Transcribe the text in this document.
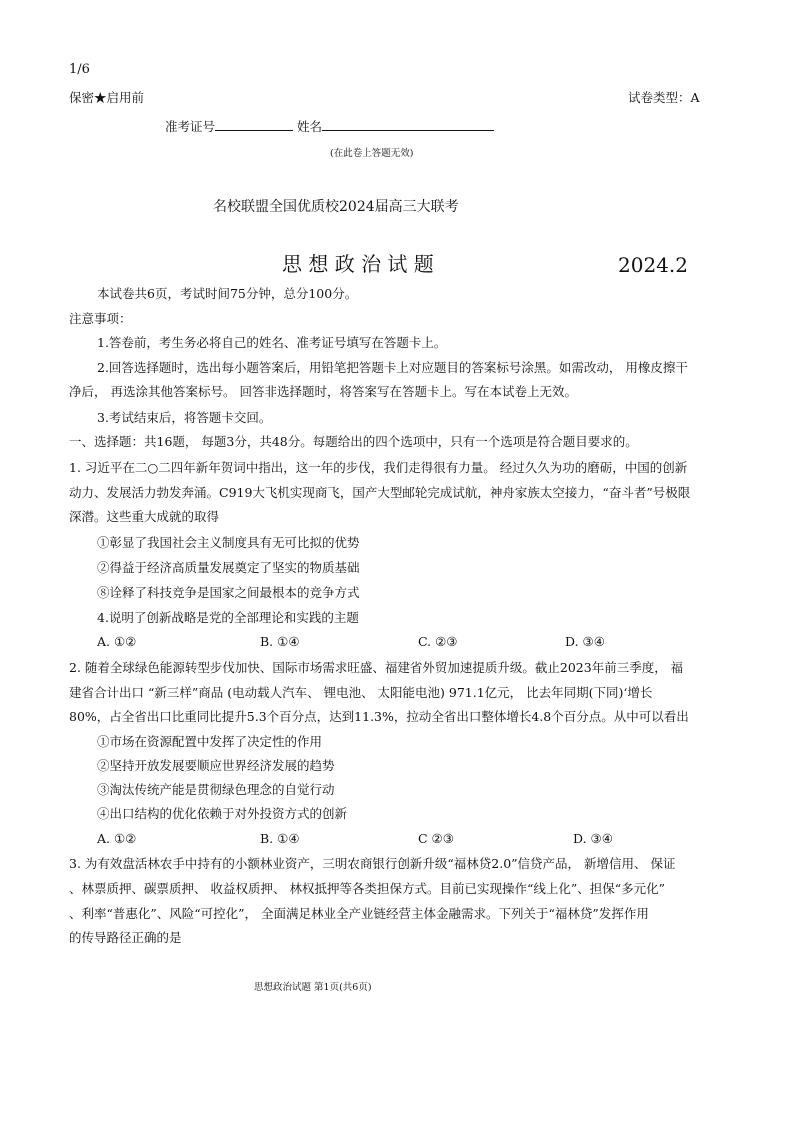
1/6
保密★启用前	试卷类型：A
准考证号	姓名
(在此卷上答题无效)
名校联盟全国优质校2024届高三大联考
思 想 政 治 试 题	2024.2
本试卷共6页，考试时间75分钟，总分100分。
注意事项：
1.答卷前，考生务必将自己的姓名、准考证号填写在答题卡上。
2.回答选择题时，选出每小题答案后，用铅笔把答题卡上对应题目的答案标号涂黑。如需改动， 用橡皮擦干
净后， 再选涂其他答案标号。 回答非选择题时，将答案写在答题卡上。写在本试卷上无效。
3.考试结束后，将答题卡交回。
一、选择题：共16题， 每题3分，共48分。每题给出的四个选项中，只有一个选项是符合题目要求的。
1. 习近平在二○二四年新年贺词中指出，这一年的步伐，我们走得很有力量。 经过久久为功的磨砺，中国的创新
动力、发展活力勃发奔涌。C919大飞机实现商飞，国产大型邮轮完成试航，神舟家族太空接力，“奋斗者”号极限
深潜。这些重大成就的取得
①彰显了我国社会主义制度具有无可比拟的优势
②得益于经济高质量发展奠定了坚实的物质基础
⑧诠释了科技竞争是国家之间最根本的竞争方式
4.说明了创新战略是党的全部理论和实践的主题
A. ①②	B. ①④	C. ②③	D. ③④
2. 随着全球绿色能源转型步伐加快、国际市场需求旺盛、福建省外贸加速提质升级。截止2023年前三季度， 福
建省合计出口 “新三样”商品 (电动载人汽车、 锂电池、 太阳能电池) 971.1亿元， 比去年同期(下同)‘增长
80%，占全省出口比重同比提升5.3个百分点，达到11.3%，拉动全省出口整体增长4.8个百分点。从中可以看出
①市场在资源配置中发挥了决定性的作用
②坚持开放发展要顺应世界经济发展的趋势
③淘汰传统产能是贯彻绿色理念的自觉行动
④出口结构的优化依赖于对外投资方式的创新
A. ①②	B. ①④	C ②③	D. ③④
3. 为有效盘活林农手中持有的小额林业资产，三明农商银行创新升级“福林贷2.0”信贷产品， 新增信用、 保证
、林票质押、碳票质押、 收益权质押、 林权抵押等各类担保方式。目前已实现操作“线上化”、担保“多元化”
、利率“普惠化”、风险“可控化”， 全面满足林业全产业链经营主体金融需求。下列关于“福林贷”发挥作用
的传导路径正确的是
思想政治试题 第1页(共6页)
